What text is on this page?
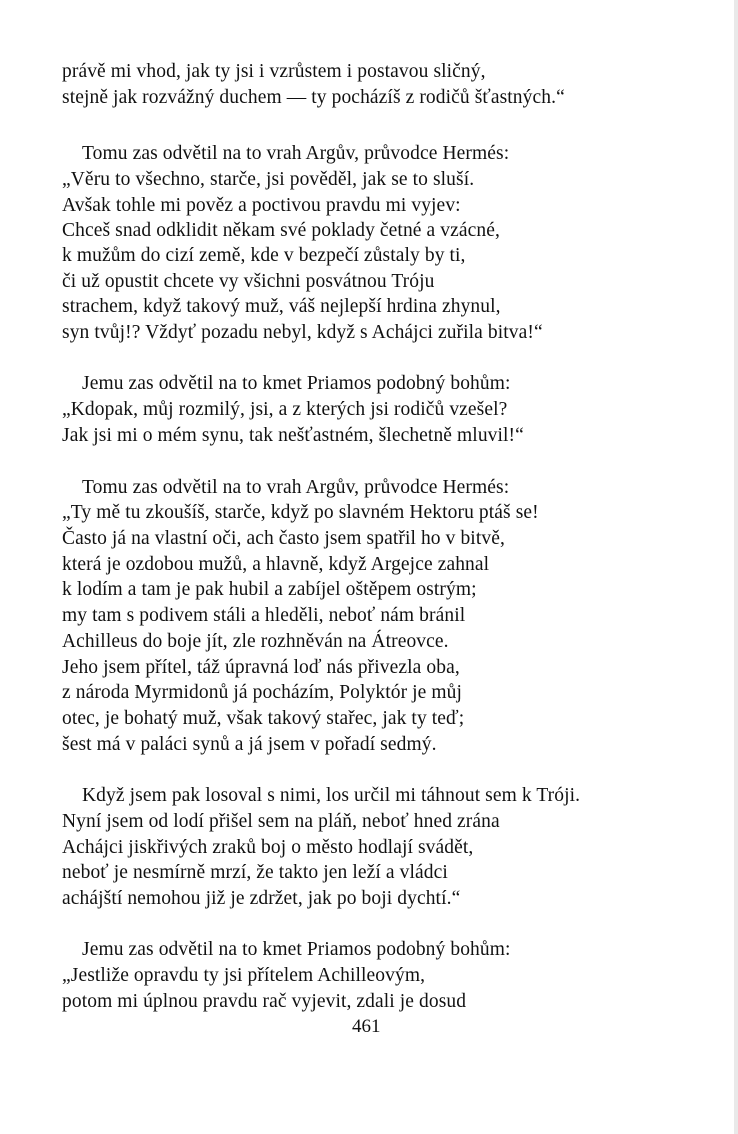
právě mi vhod, jak ty jsi i vzrůstem i postavou sličný,
stejně jak rozvážný duchem — ty pocházíš z rodičů šťastných.“
Tomu zas odvětil na to vrah Argův, průvodce Hermés:
„Věru to všechno, starče, jsi pověděl, jak se to sluší.
Avšak tohle mi pověz a poctivou pravdu mi vyjev:
Chceš snad odklidit někam své poklady četné a vzácné,
k mužům do cizí země, kde v bezpečí zůstaly by ti,
či už opustit chcete vy všichni posvátnou Tróju
strachem, když takový muž, váš nejlepší hrdina zhynul,
syn tvůj!? Vždyť pozadu nebyl, když s Achájci zuřila bitva!“
Jemu zas odvětil na to kmet Priamos podobný bohům:
„Kdopak, můj rozmilý, jsi, a z kterých jsi rodičů vzešel?
Jak jsi mi o mém synu, tak nešťastném, šlechetně mluvil!“
Tomu zas odvětil na to vrah Argův, průvodce Hermés:
„Ty mě tu zkoušíš, starče, když po slavném Hektoru ptáš se!
Často já na vlastní oči, ach často jsem spatřil ho v bitvě,
která je ozdobou mužů, a hlavně, když Argejce zahnal
k lodím a tam je pak hubil a zabíjel oštěpem ostrým;
my tam s podivem stáli a hleděli, neboť nám bránil
Achilleus do boje jít, zle rozhněván na Átreovce.
Jeho jsem přítel, táž úpravná loď nás přivezla oba,
z národa Myrmidonů já pocházím, Polyktór je můj
otec, je bohatý muž, však takový stařec, jak ty teď;
šest má v paláci synů a já jsem v pořadí sedmý.
Když jsem pak losoval s nimi, los určil mi táhnout sem k Tróji.
Nyní jsem od lodí přišel sem na pláň, neboť hned zrána
Achájci jiskřivých zraků boj o město hodlají svádět,
neboť je nesmírně mrzí, že takto jen leží a vládci
achájští nemohou již je zdržet, jak po boji dychtí.“
Jemu zas odvětil na to kmet Priamos podobný bohům:
„Jestliže opravdu ty jsi přítelem Achilleovým,
potom mi úplnou pravdu rač vyjevit, zdali je dosud
461
